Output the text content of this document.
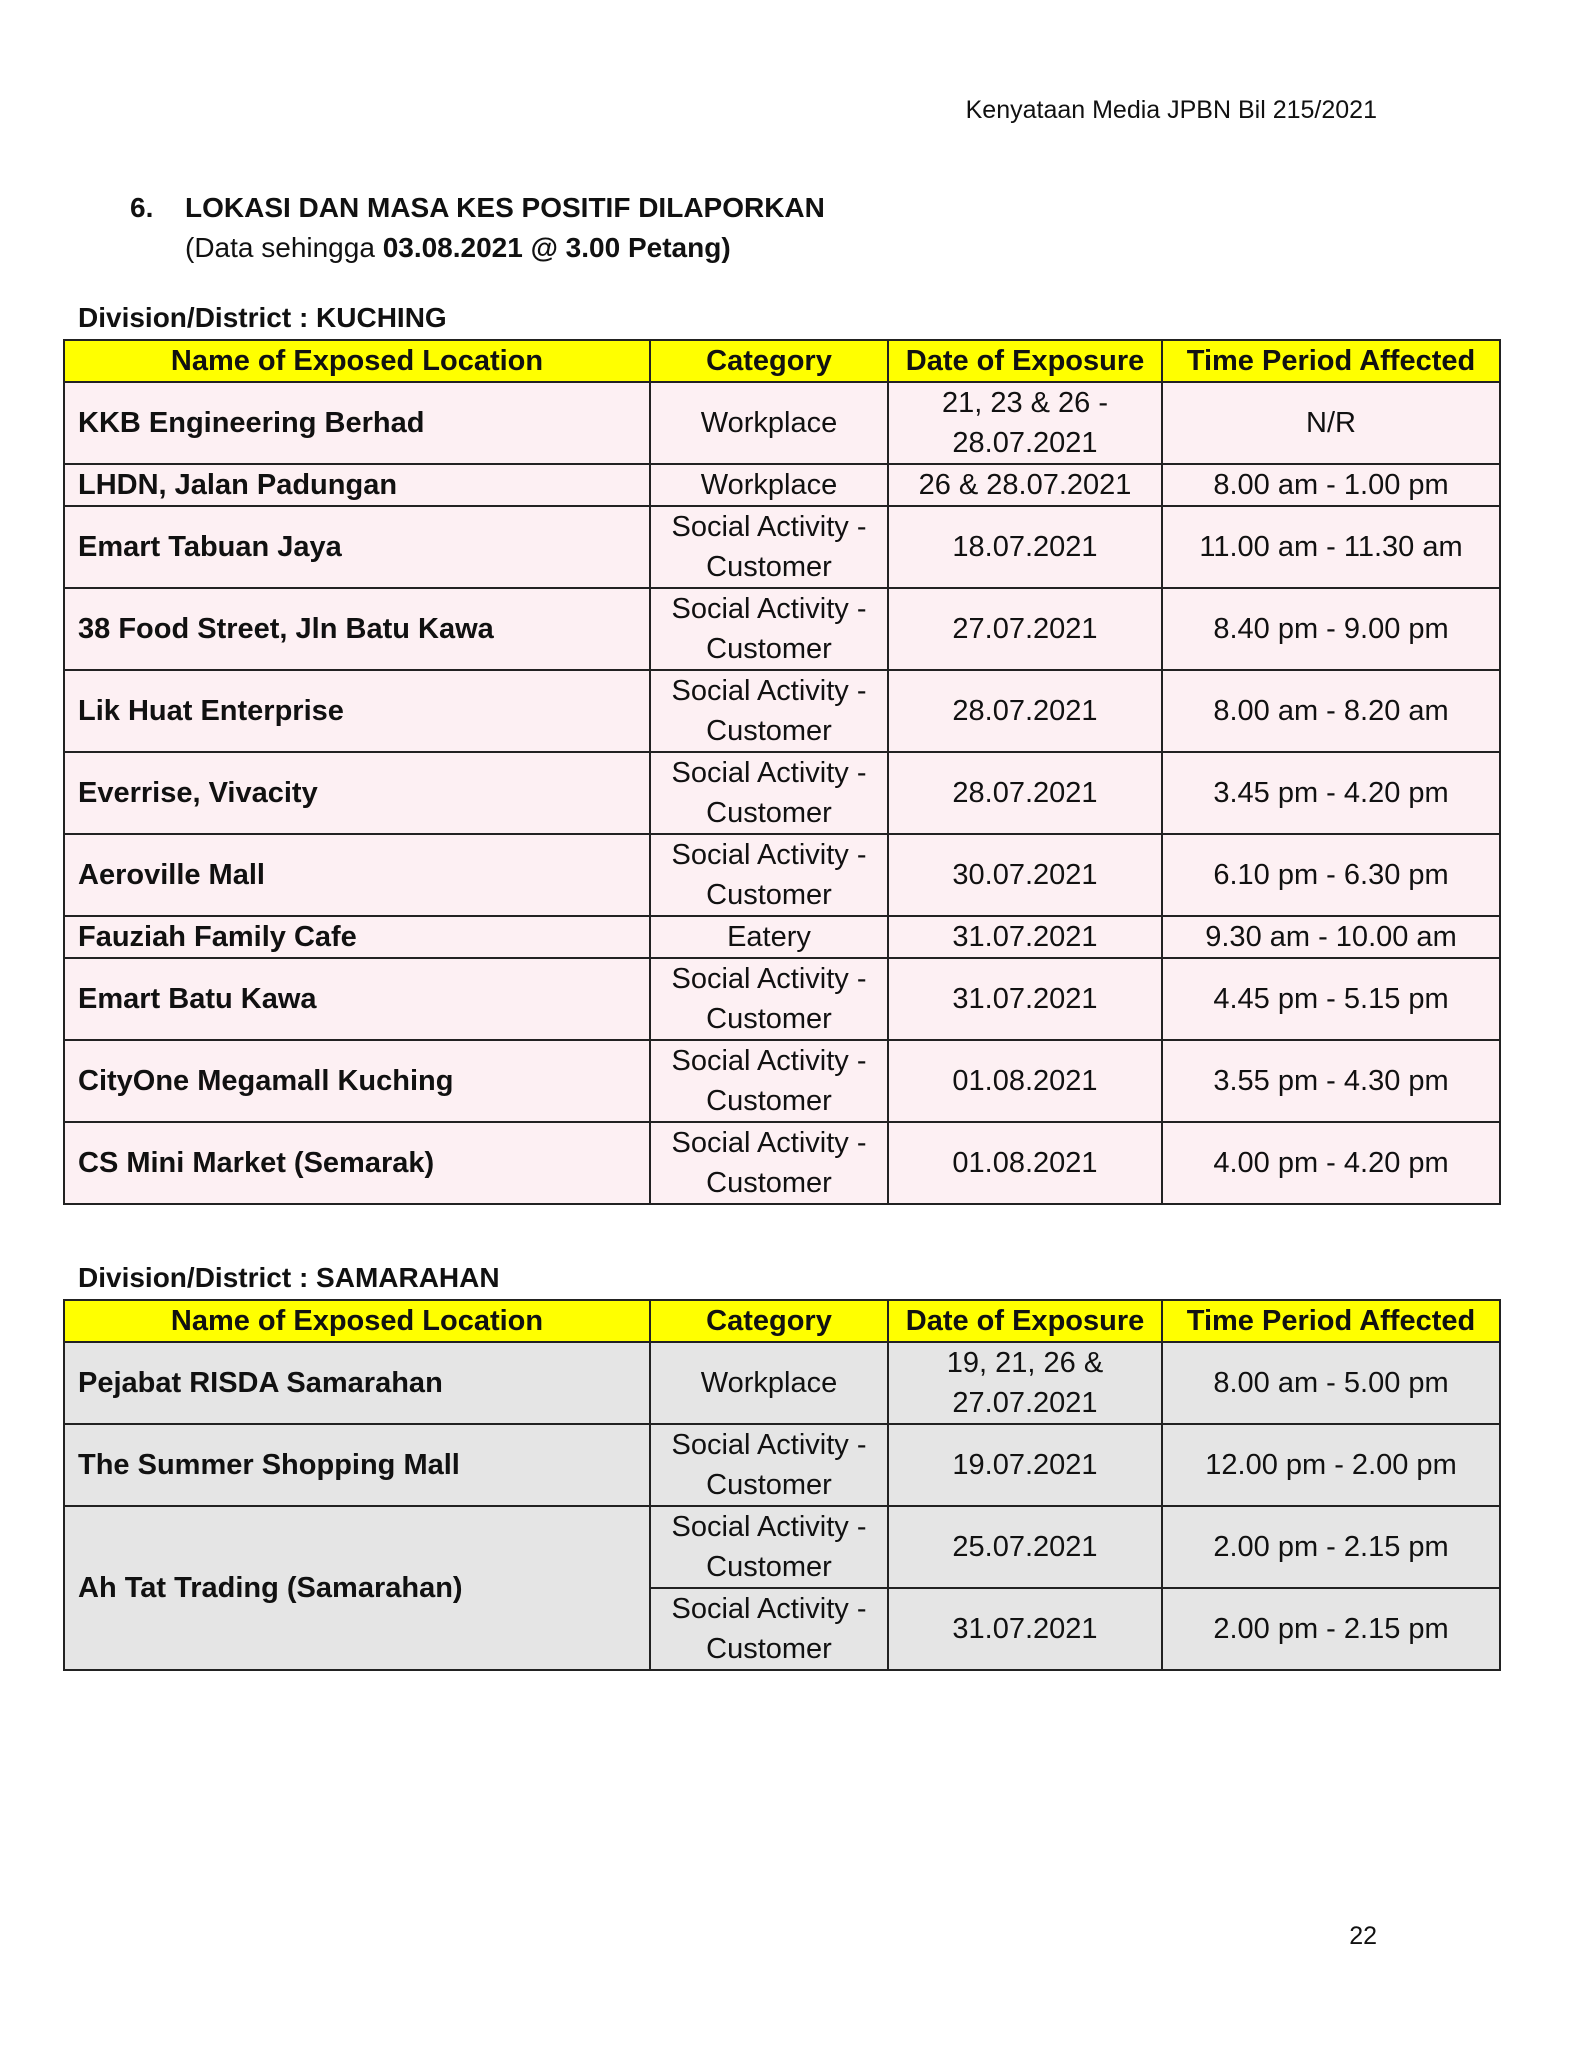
Kenyataan Media JPBN Bil 215/2021
6. LOKASI DAN MASA KES POSITIF DILAPORKAN
(Data sehingga 03.08.2021 @ 3.00 Petang)
Division/District : KUCHING
Name of Exposed Location	Category	Date of Exposure	Time Period Affected
KKB Engineering Berhad	Workplace	21, 23 & 26 - 28.07.2021	N/R
LHDN, Jalan Padungan	Workplace	26 & 28.07.2021	8.00 am - 1.00 pm
Emart Tabuan Jaya	Social Activity - Customer	18.07.2021	11.00 am - 11.30 am
38 Food Street, Jln Batu Kawa	Social Activity - Customer	27.07.2021	8.40 pm - 9.00 pm
Lik Huat Enterprise	Social Activity - Customer	28.07.2021	8.00 am - 8.20 am
Everrise, Vivacity	Social Activity - Customer	28.07.2021	3.45 pm - 4.20 pm
Aeroville Mall	Social Activity - Customer	30.07.2021	6.10 pm - 6.30 pm
Fauziah Family Cafe	Eatery	31.07.2021	9.30 am - 10.00 am
Emart Batu Kawa	Social Activity - Customer	31.07.2021	4.45 pm - 5.15 pm
CityOne Megamall Kuching	Social Activity - Customer	01.08.2021	3.55 pm - 4.30 pm
CS Mini Market (Semarak)	Social Activity - Customer	01.08.2021	4.00 pm - 4.20 pm
Division/District : SAMARAHAN
Name of Exposed Location	Category	Date of Exposure	Time Period Affected
Pejabat RISDA Samarahan	Workplace	19, 21, 26 & 27.07.2021	8.00 am - 5.00 pm
The Summer Shopping Mall	Social Activity - Customer	19.07.2021	12.00 pm - 2.00 pm
Ah Tat Trading (Samarahan)	Social Activity - Customer	25.07.2021	2.00 pm - 2.15 pm
	Social Activity - Customer	31.07.2021	2.00 pm - 2.15 pm
22
